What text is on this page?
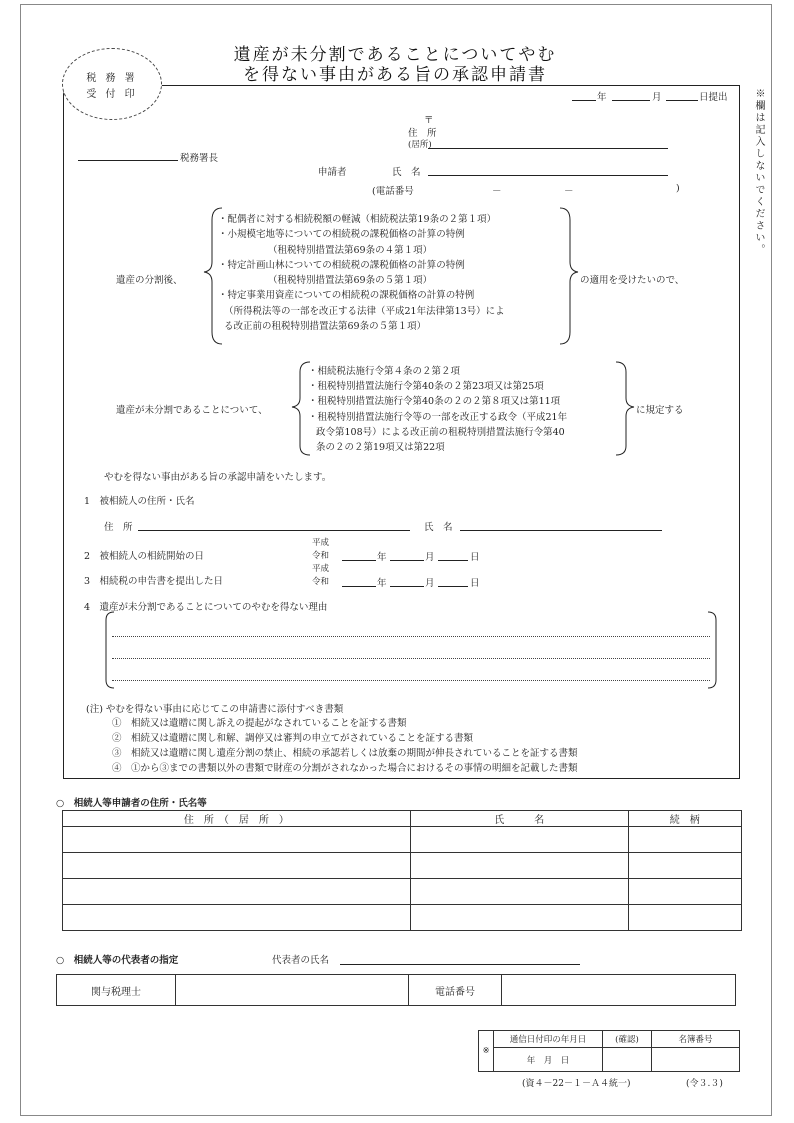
遺産が未分割であることについてやむ
を得ない事由がある旨の承認申請書
税 務 署
受 付 印	※欄は記入しないでください。
年	月	日提出
〒
住　所
(居所)
税務署長
申請者	氏　名
(電話番号	－	－	)
遺産の分割後、
・配偶者に対する相続税額の軽減（相続税法第19条の２第１項）
・小規模宅地等についての相続税の課税価格の計算の特例
（租税特別措置法第69条の４第１項）
・特定計画山林についての相続税の課税価格の計算の特例
（租税特別措置法第69条の５第１項）
・特定事業用資産についての相続税の課税価格の計算の特例
（所得税法等の一部を改正する法律（平成21年法律第13号）によ
る改正前の租税特別措置法第69条の５第１項）
の適用を受けたいので、
遺産が未分割であることについて、
・相続税法施行令第４条の２第２項
・租税特別措置法施行令第40条の２第23項又は第25項
・租税特別措置法施行令第40条の２の２第８項又は第11項
・租税特別措置法施行令等の一部を改正する政令（平成21年
政令第108号）による改正前の租税特別措置法施行令第40
条の２の２第19項又は第22項
に規定する
やむを得ない事由がある旨の承認申請をいたします。
1　被相続人の住所・氏名
住　所	氏　名
2　被相続人の相続開始の日
平成
令和	年	月	日
3　相続税の申告書を提出した日
平成
令和	年	月	日
4　遺産が未分割であることについてのやむを得ない理由
(注) やむを得ない事由に応じてこの申請書に添付すべき書類
①　相続又は遺贈に関し訴えの提起がなされていることを証する書類
②　相続又は遺贈に関し和解、調停又は審判の申立てがされていることを証する書類
③　相続又は遺贈に関し遺産分割の禁止、相続の承認若しくは放棄の期間が伸長されていることを証する書類
④　①から③までの書類以外の書類で財産の分割がされなかった場合におけるその事情の明細を記載した書類
○　相続人等申請者の住所・氏名等
住　所　（　居　所　）	氏　　　名	続　柄

○　相続人等の代表者の指定	代表者の氏名
関与税理士		電話番号	
※	通信日付印の年月日	(確認)	名簿番号
	年　月　日		
(資４－22－１－Ａ４統一)	(令３.３)
